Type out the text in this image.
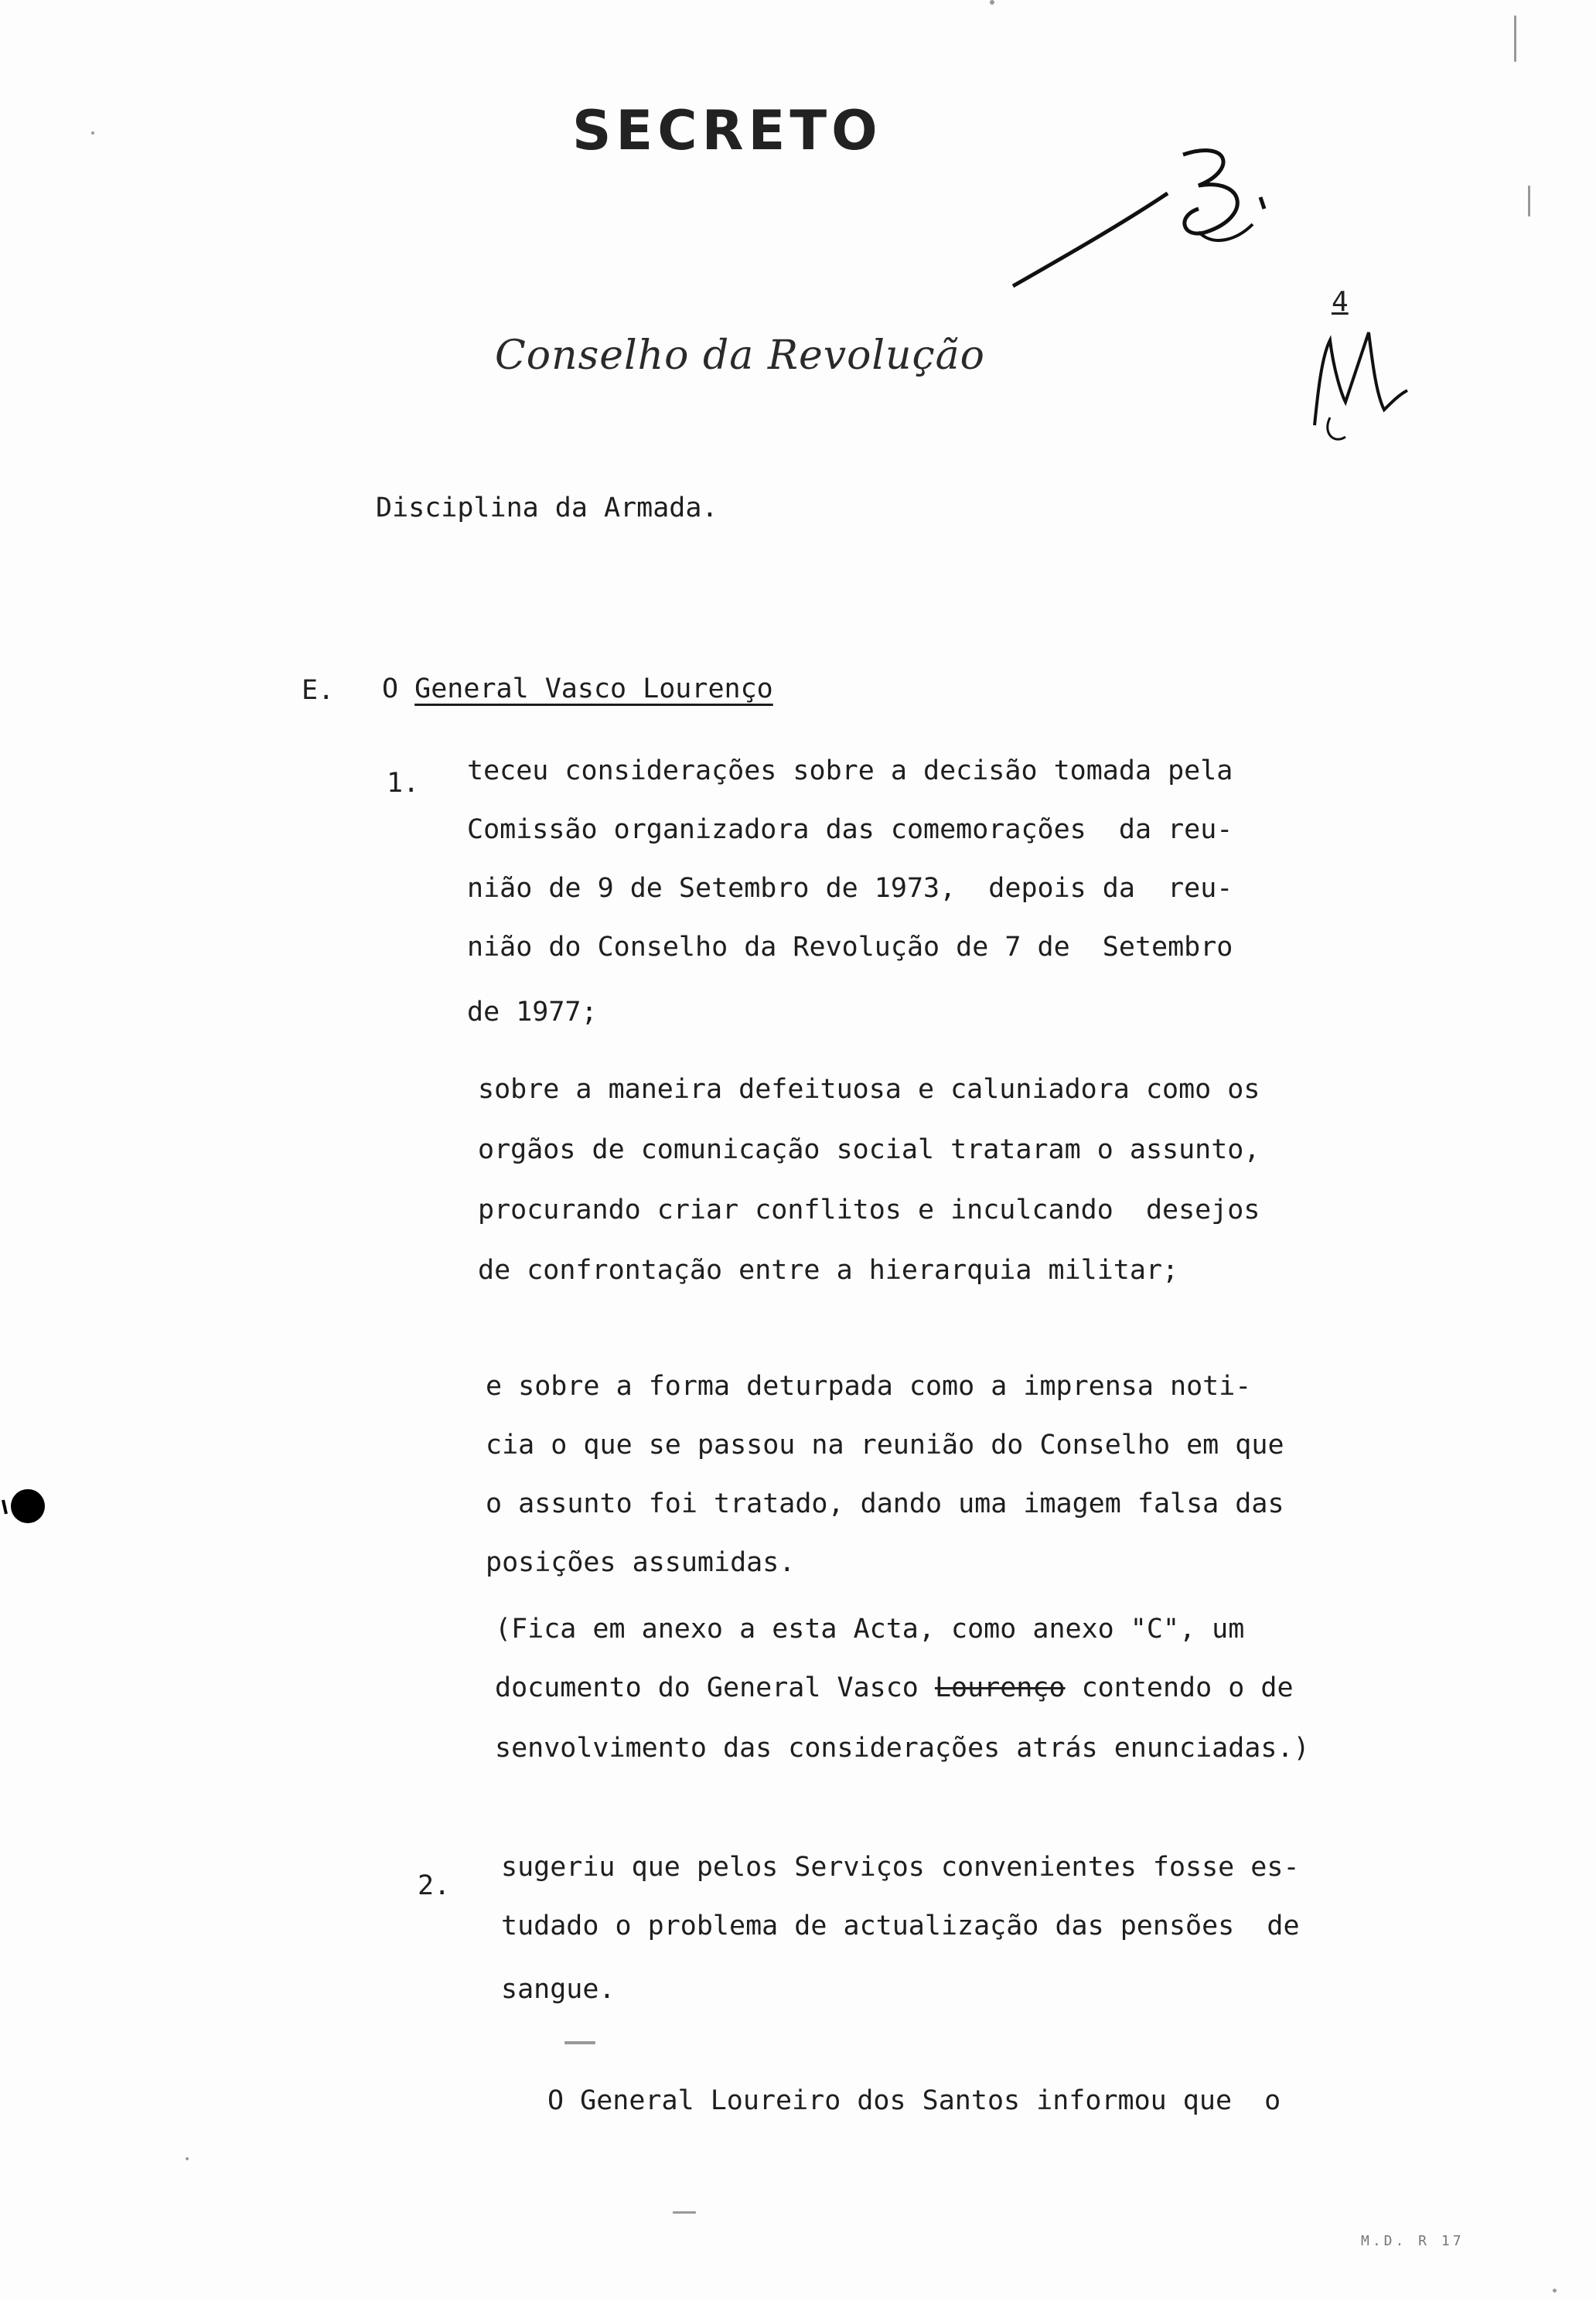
SECRETO
4
Conselho da Revolução
Disciplina da Armada.
E. O General Vasco Lourenço
1. teceu considerações sobre a decisão tomada pela
Comissão organizadora das comemorações  da reu-
nião de 9 de Setembro de 1973,  depois da  reu-
nião do Conselho da Revolução de 7 de  Setembro
de 1977;
sobre a maneira defeituosa e caluniadora como os
orgãos de comunicação social trataram o assunto,
procurando criar conflitos e inculcando  desejos
de confrontação entre a hierarquia militar;
e sobre a forma deturpada como a imprensa noti-
cia o que se passou na reunião do Conselho em que
o assunto foi tratado, dando uma imagem falsa das
posições assumidas.
(Fica em anexo a esta Acta, como anexo "C", um
documento do General Vasco Lourenço contendo o de
senvolvimento das considerações atrás enunciadas.)
2.
sugeriu que pelos Serviços convenientes fosse es-
tudado o problema de actualização das pensões  de
sangue.
O General Loureiro dos Santos informou que  o
M.D. R 17
